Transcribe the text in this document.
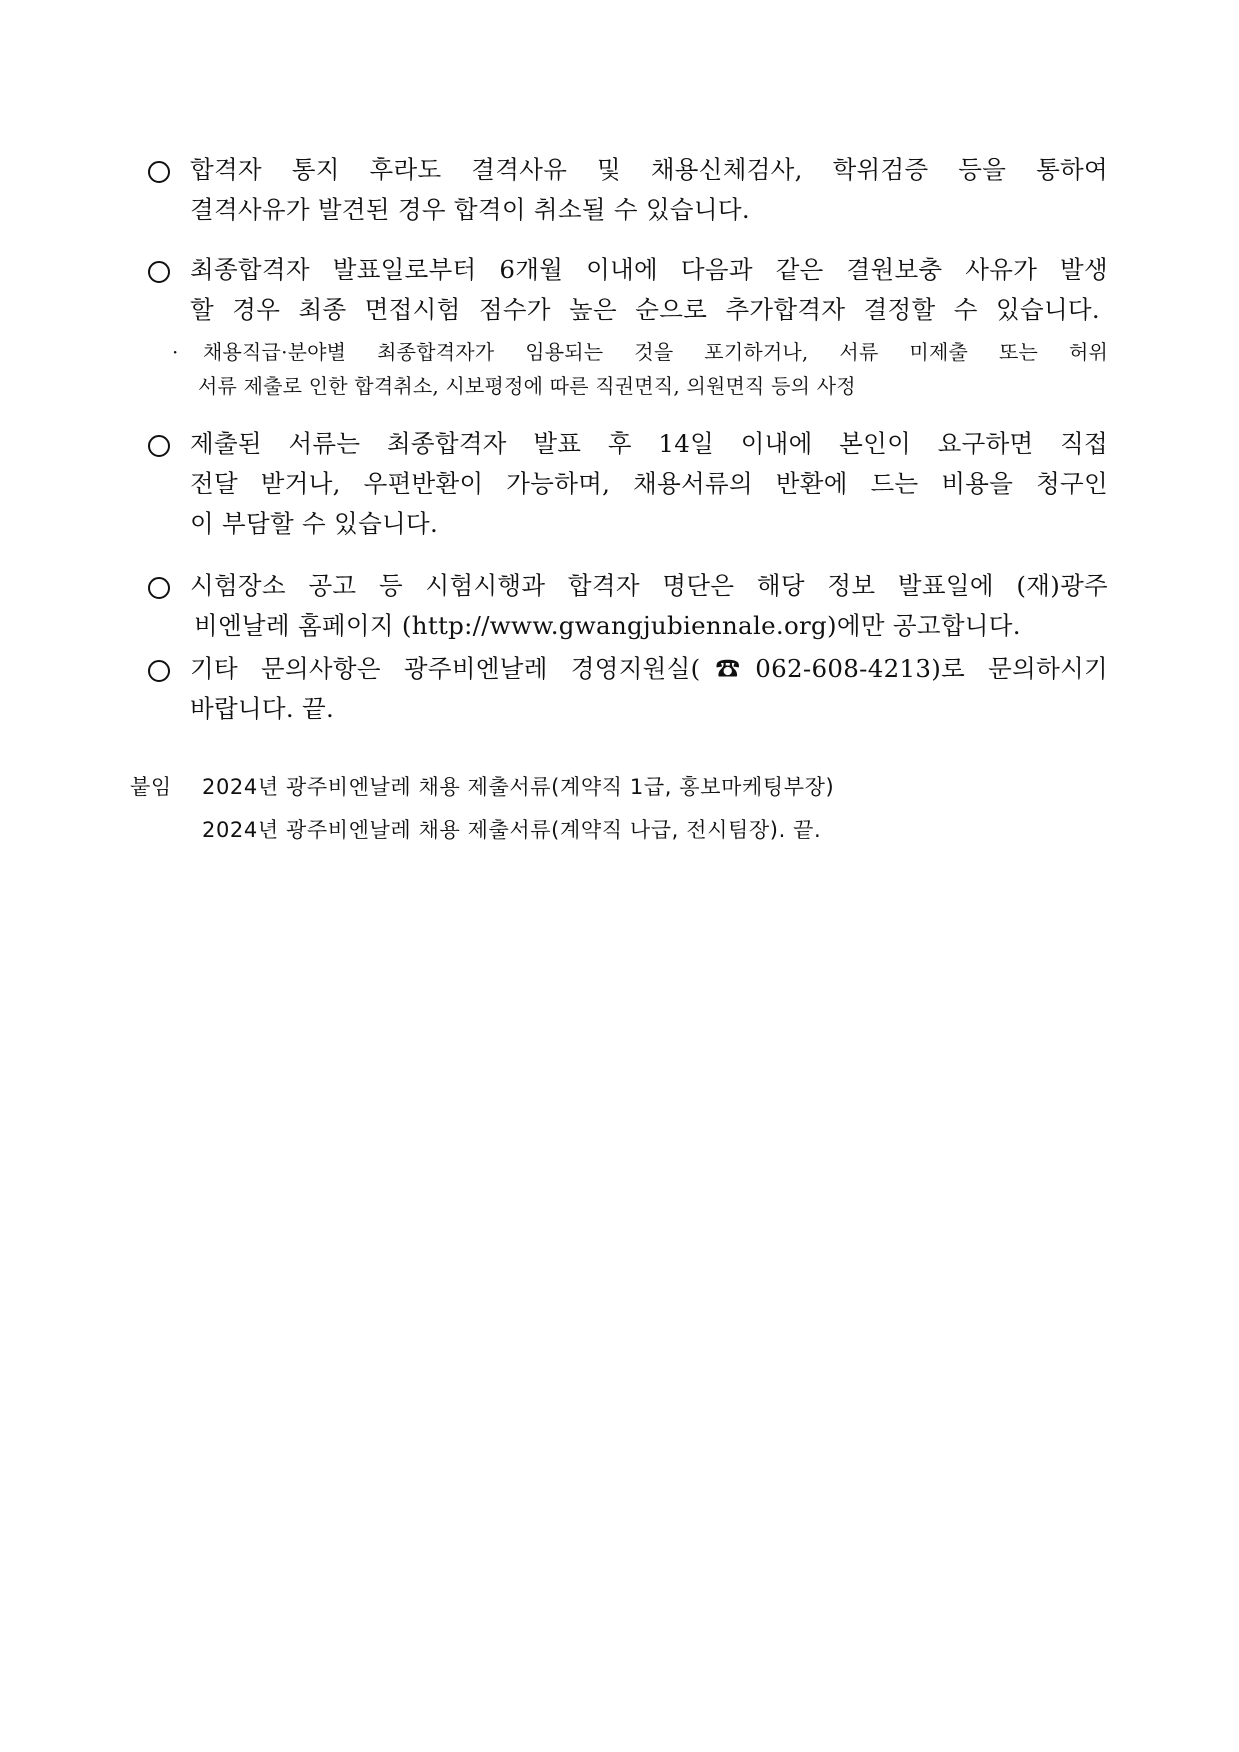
합격자 통지 후라도 결격사유 및 채용신체검사, 학위검증 등을 통하여
결격사유가 발견된 경우 합격이 취소될 수 있습니다.
최종합격자 발표일로부터 6개월 이내에 다음과 같은 결원보충 사유가 발생
할 경우 최종 면접시험 점수가 높은 순으로 추가합격자 결정할 수 있습니다.
· 채용직급·분야별 최종합격자가 임용되는 것을 포기하거나, 서류 미제출 또는 허위
서류 제출로 인한 합격취소, 시보평정에 따른 직권면직, 의원면직 등의 사정
제출된 서류는 최종합격자 발표 후 14일 이내에 본인이 요구하면 직접
전달 받거나, 우편반환이 가능하며, 채용서류의 반환에 드는 비용을 청구인
이 부담할 수 있습니다.
시험장소 공고 등 시험시행과 합격자 명단은 해당 정보 발표일에 (재)광주
비엔날레 홈페이지 (http://www.gwangjubiennale.org)에만 공고합니다.
기타 문의사항은 광주비엔날레 경영지원실(☎062-608-4213)로 문의하시기
바랍니다. 끝.
붙임 2024년 광주비엔날레 채용 제출서류(계약직 1급, 홍보마케팅부장)
2024년 광주비엔날레 채용 제출서류(계약직 나급, 전시팀장). 끝.
